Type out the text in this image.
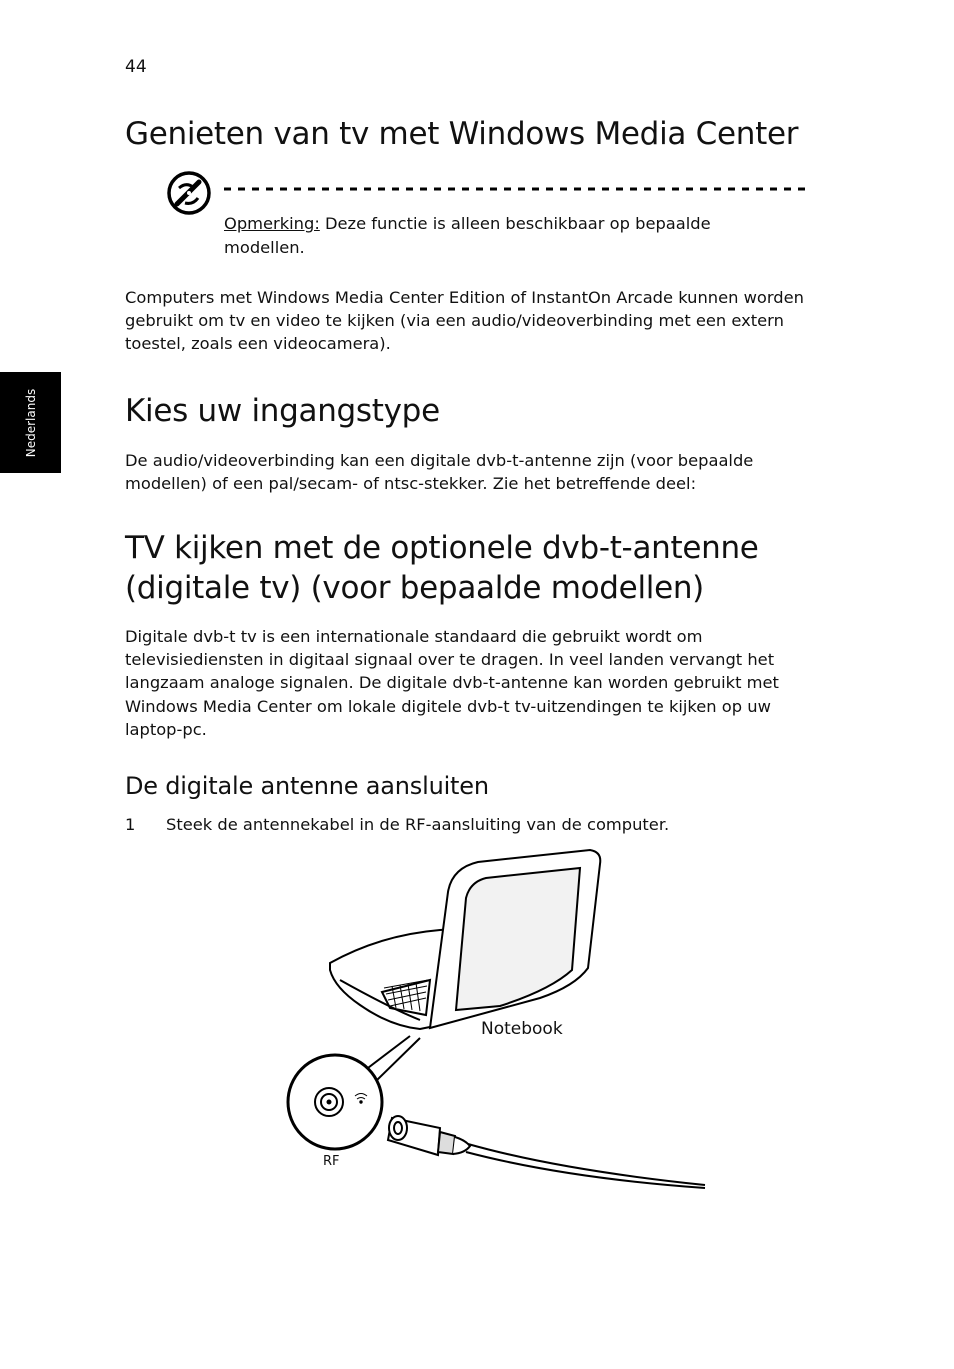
44
Nederlands
Genieten van tv met Windows Media Center
Opmerking: Deze functie is alleen beschikbaar op bepaalde modellen.

Computers met Windows Media Center Edition of InstantOn Arcade kunnen worden gebruikt om tv en video te kijken (via een audio/videoverbinding met een extern toestel, zoals een videocamera).

Kies uw ingangstype

De audio/videoverbinding kan een digitale dvb-t-antenne zijn (voor bepaalde modellen) of een pal/secam- of ntsc-stekker. Zie het betreffende deel:

TV kijken met de optionele dvb-t-antenne
(digitale tv) (voor bepaalde modellen)

Digitale dvb-t tv is een internationale standaard die gebruikt wordt om televisiediensten in digitaal signaal over te dragen. In veel landen vervangt het langzaam analoge signalen. De digitale dvb-t-antenne kan worden gebruikt met Windows Media Center om lokale digitele dvb-t tv-uitzendingen te kijken op uw laptop-pc.

De digitale antenne aansluiten
1 Steek de antennekabel in de RF-aansluiting van de computer.
Notebook
RF
